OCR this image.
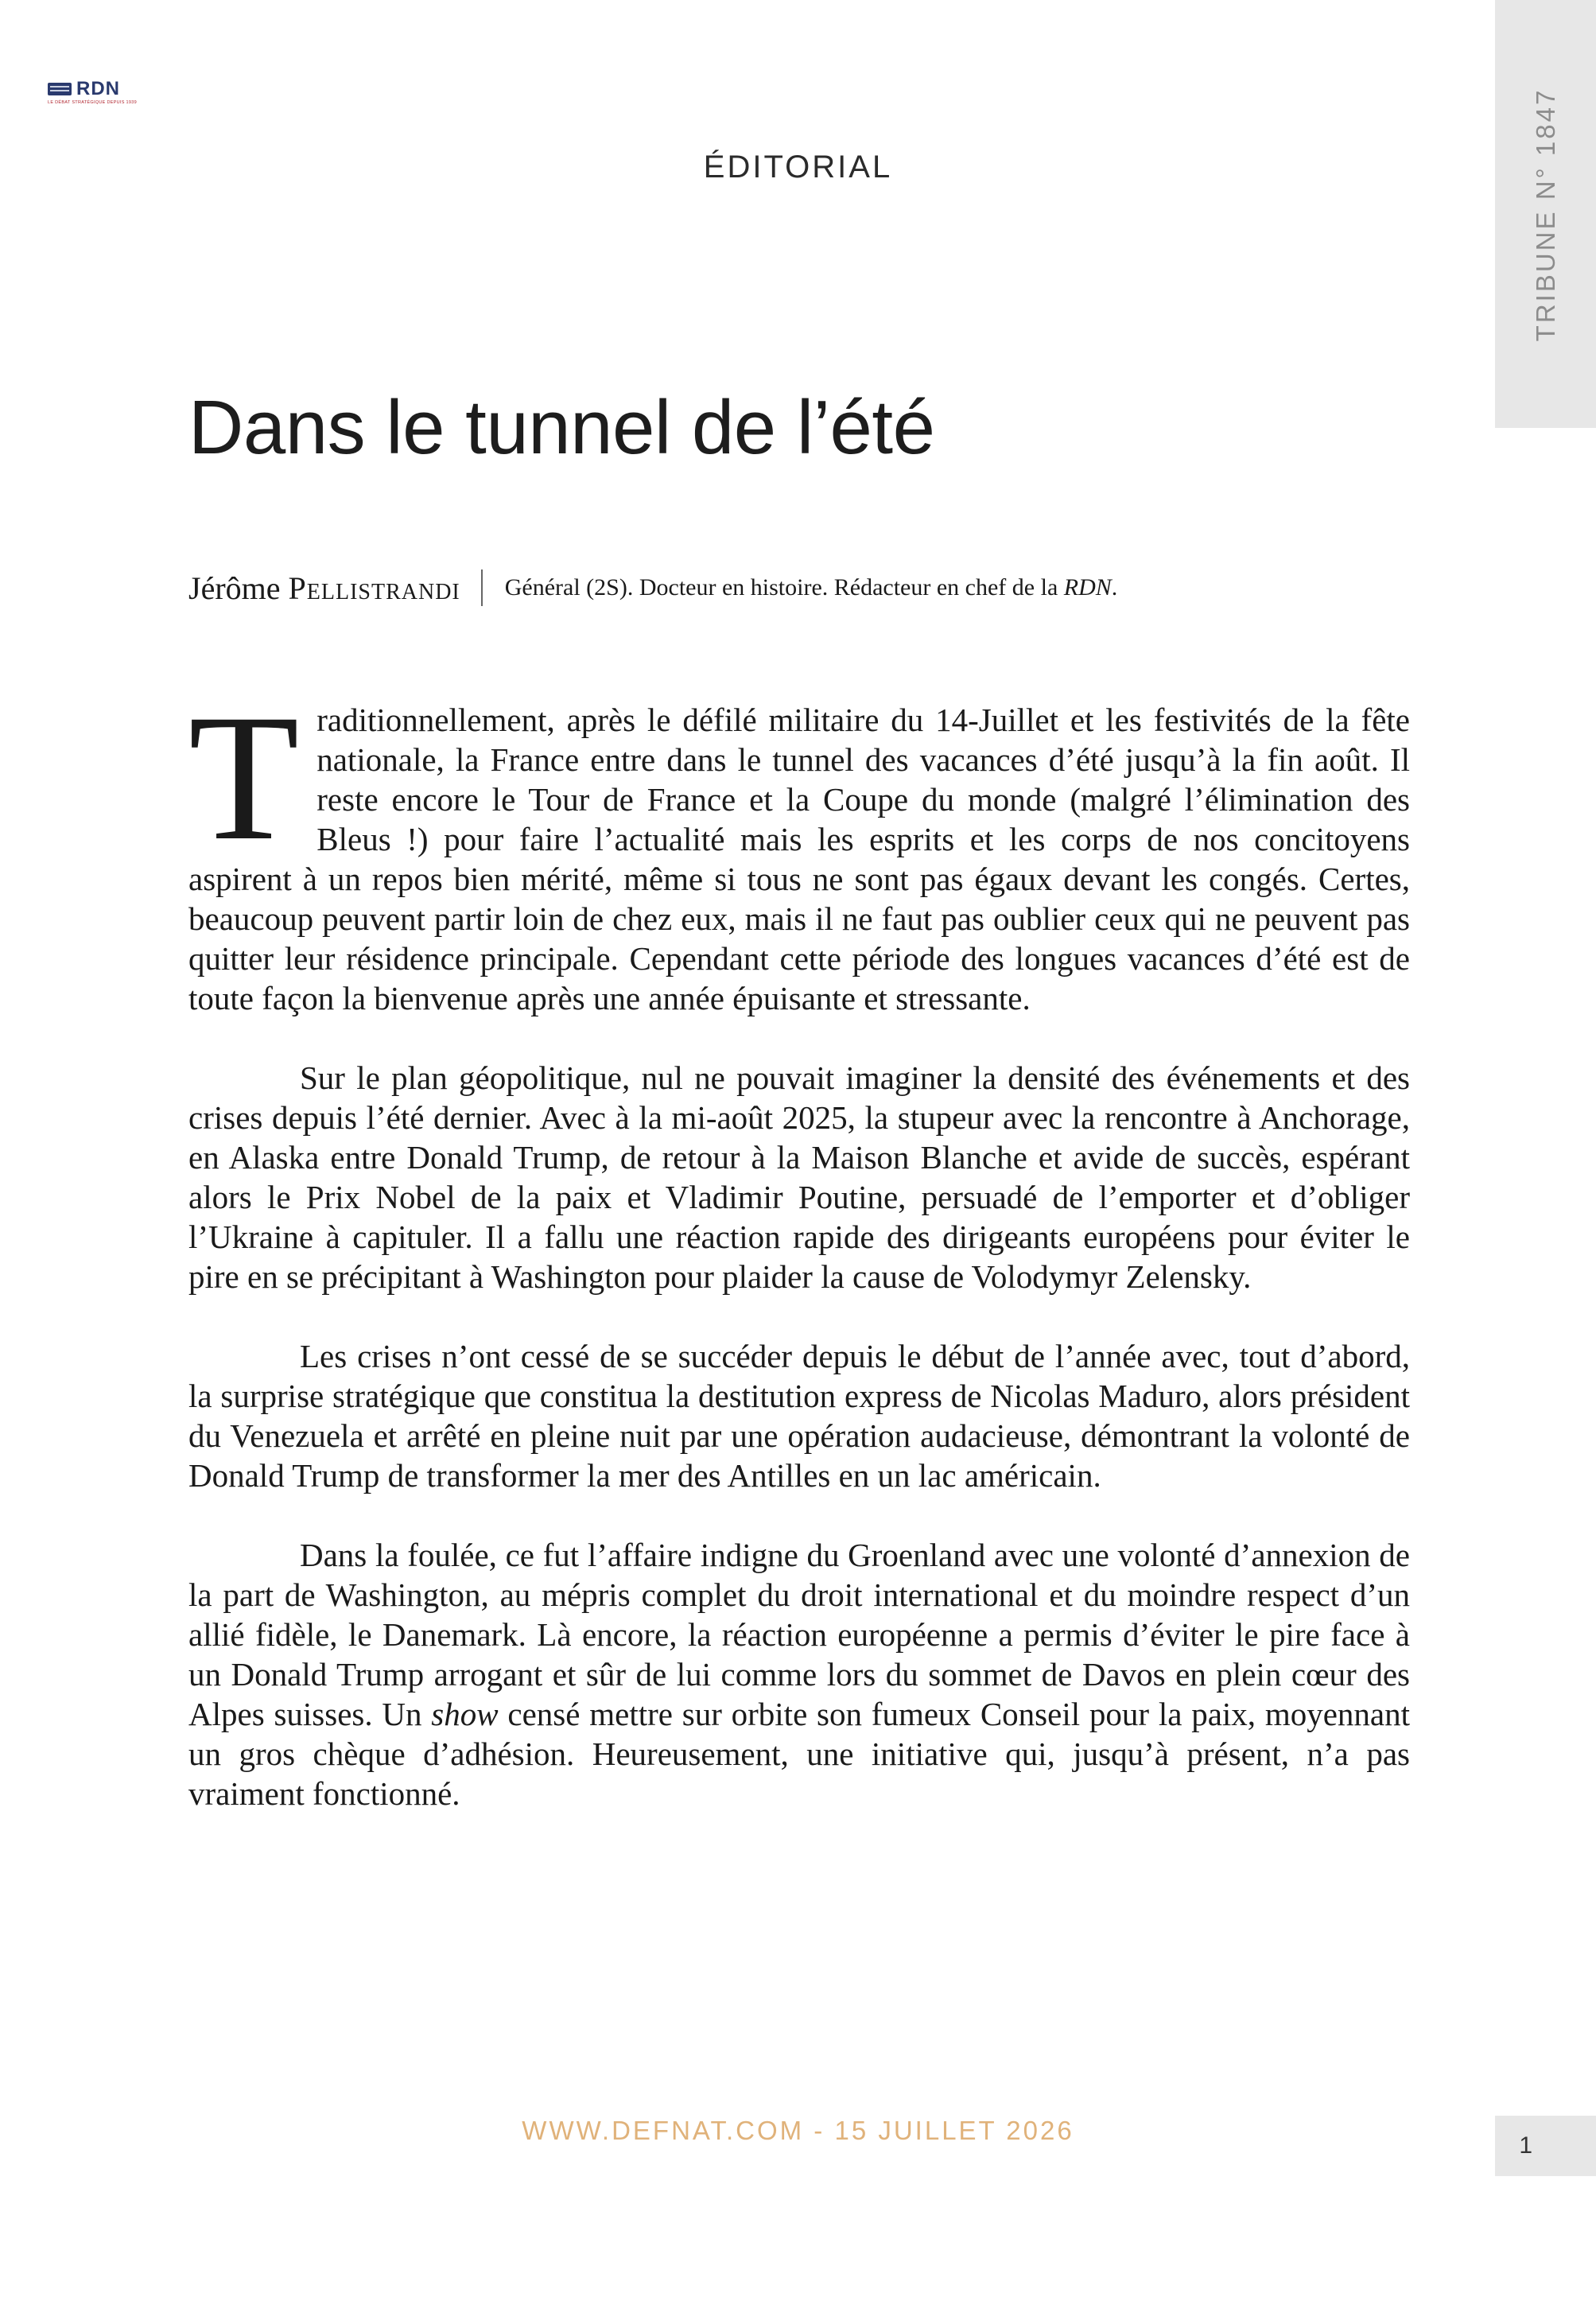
RDN
LE DÉBAT STRATÉGIQUE DEPUIS 1939	TRIBUNE N° 1847
ÉDITORIAL
Dans le tunnel de l’été
Jérôme Pellistrandi Général (2S). Docteur en histoire. Rédacteur en chef de la RDN.

Traditionnellement, après le défilé militaire du 14-Juillet et les festivités de la fête nationale, la France entre dans le tunnel des vacances d’été jusqu’à la fin août. Il reste encore le Tour de France et la Coupe du monde (malgré l’élimination des Bleus !) pour faire l’actualité mais les esprits et les corps de nos concitoyens aspirent à un repos bien mérité, même si tous ne sont pas égaux devant les congés. Certes, beaucoup peuvent partir loin de chez eux, mais il ne faut pas oublier ceux qui ne peuvent pas quitter leur résidence principale. Cependant cette période des longues vacances d’été est de toute façon la bienvenue après une année épuisante et stressante.

Sur le plan géopolitique, nul ne pouvait imaginer la densité des événements et des crises depuis l’été dernier. Avec à la mi-août 2025, la stupeur avec la rencontre à Anchorage, en Alaska entre Donald Trump, de retour à la Maison Blanche et avide de succès, espérant alors le Prix Nobel de la paix et Vladimir Poutine, persuadé de l’emporter et d’obliger l’Ukraine à capituler. Il a fallu une réaction rapide des dirigeants européens pour éviter le pire en se précipitant à Washington pour plaider la cause de Volodymyr Zelensky.

Les crises n’ont cessé de se succéder depuis le début de l’année avec, tout d’abord, la surprise stratégique que constitua la destitution express de Nicolas Maduro, alors président du Venezuela et arrêté en pleine nuit par une opération audacieuse, démontrant la volonté de Donald Trump de transformer la mer des Antilles en un lac américain.

Dans la foulée, ce fut l’affaire indigne du Groenland avec une volonté d’annexion de la part de Washington, au mépris complet du droit international et du moindre respect d’un allié fidèle, le Danemark. Là encore, la réaction européenne a permis d’éviter le pire face à un Donald Trump arrogant et sûr de lui comme lors du sommet de Davos en plein cœur des Alpes suisses. Un show censé mettre sur orbite son fumeux Conseil pour la paix, moyennant un gros chèque d’adhésion. Heureusement, une initiative qui, jusqu’à présent, n’a pas vraiment fonctionné.

WWW.DEFNAT.COM - 15 JUILLET 2026
1
